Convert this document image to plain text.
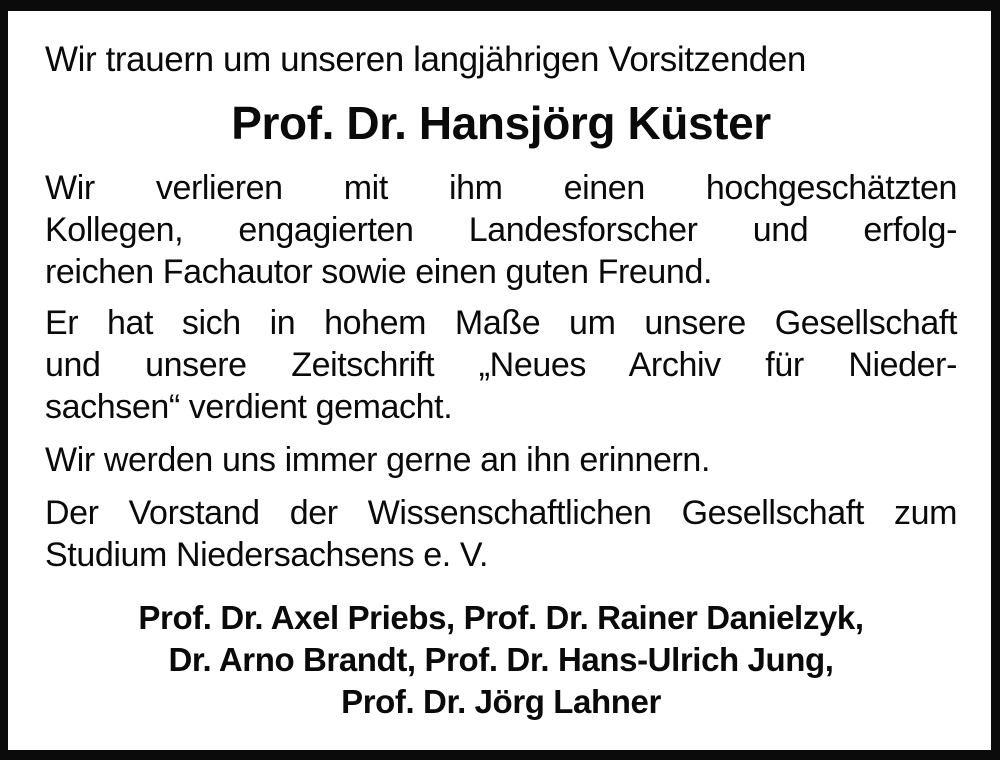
Wir trauern um unseren langjährigen Vorsitzenden
Prof. Dr. Hansjörg Küster
Wir verlieren mit ihm einen hochgeschätzten
Kollegen, engagierten Landesforscher und erfolg-
reichen Fachautor sowie einen guten Freund.
Er hat sich in hohem Maße um unsere Gesellschaft
und unsere Zeitschrift „Neues Archiv für Nieder-
sachsen“ verdient gemacht.
Wir werden uns immer gerne an ihn erinnern.
Der Vorstand der Wissenschaftlichen Gesellschaft zum
Studium Niedersachsens e. V.
Prof. Dr. Axel Priebs, Prof. Dr. Rainer Danielzyk,
Dr. Arno Brandt, Prof. Dr. Hans-Ulrich Jung,
Prof. Dr. Jörg Lahner
